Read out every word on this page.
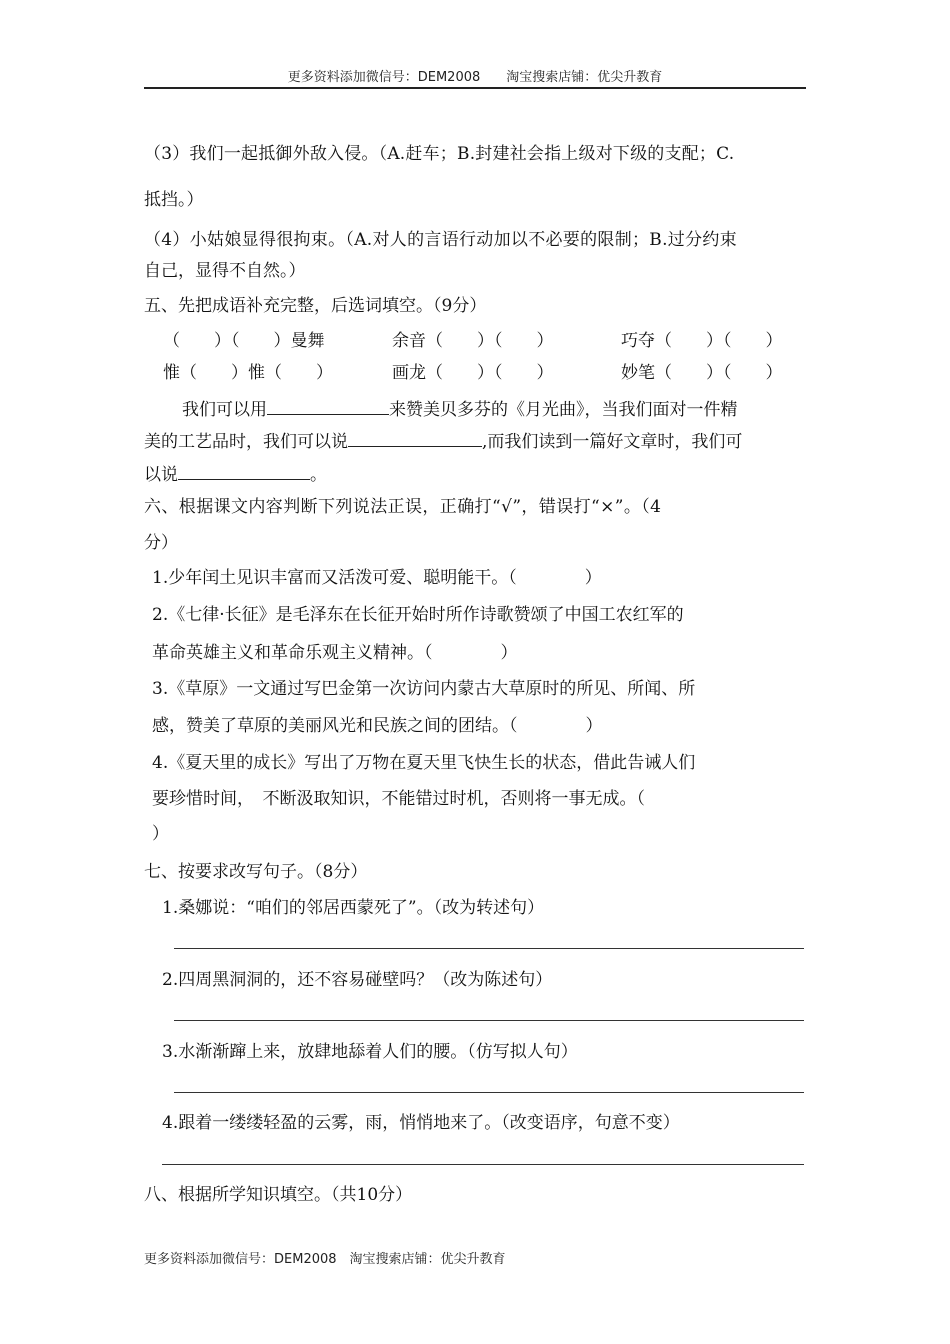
更多资料添加微信号：DEM2008　　淘宝搜索店铺：优尖升教育
（3）我们一起抵御外敌入侵。（A.赶车；B.封建社会指上级对下级的支配；C.
抵挡。）
（4）小姑娘显得很拘束。（A.对人的言语行动加以不必要的限制；B.过分约束
自己，显得不自然。）
五、先把成语补充完整，后选词填空。（9分）
（　　）（　　）曼舞	余音（　　）（　　）	巧夺（　　）（　　）
惟（　　）惟（　　）	画龙（　　）（　　）	妙笔（　　）（　　）
我们可以用	来赞美贝多芬的《月光曲》，当我们面对一件精
美的工艺品时，我们可以说	,而我们读到一篇好文章时，我们可
以说	。
六、根据课文内容判断下列说法正误，正确打“√”，错误打“×”。（4
分）
1.少年闰土见识丰富而又活泼可爱、聪明能干。（　　　　）
2.《七律·长征》是毛泽东在长征开始时所作诗歌赞颂了中国工农红军的
革命英雄主义和革命乐观主义精神。（　　　　）
3.《草原》一文通过写巴金第一次访问内蒙古大草原时的所见、所闻、所
感，赞美了草原的美丽风光和民族之间的团结。（　　　　）
4.《夏天里的成长》写出了万物在夏天里飞快生长的状态，借此告诫人们
要珍惜时间，　不断汲取知识，不能错过时机，否则将一事无成。（
）
七、按要求改写句子。（8分）
1.桑娜说：“咱们的邻居西蒙死了”。（改为转述句）
2.四周黑洞洞的，还不容易碰壁吗？（改为陈述句）
3.水渐渐蹿上来，放肆地舔着人们的腰。（仿写拟人句）
4.跟着一缕缕轻盈的云雾，雨，悄悄地来了。（改变语序，句意不变）
八、根据所学知识填空。（共10分）
更多资料添加微信号：DEM2008　淘宝搜索店铺：优尖升教育
